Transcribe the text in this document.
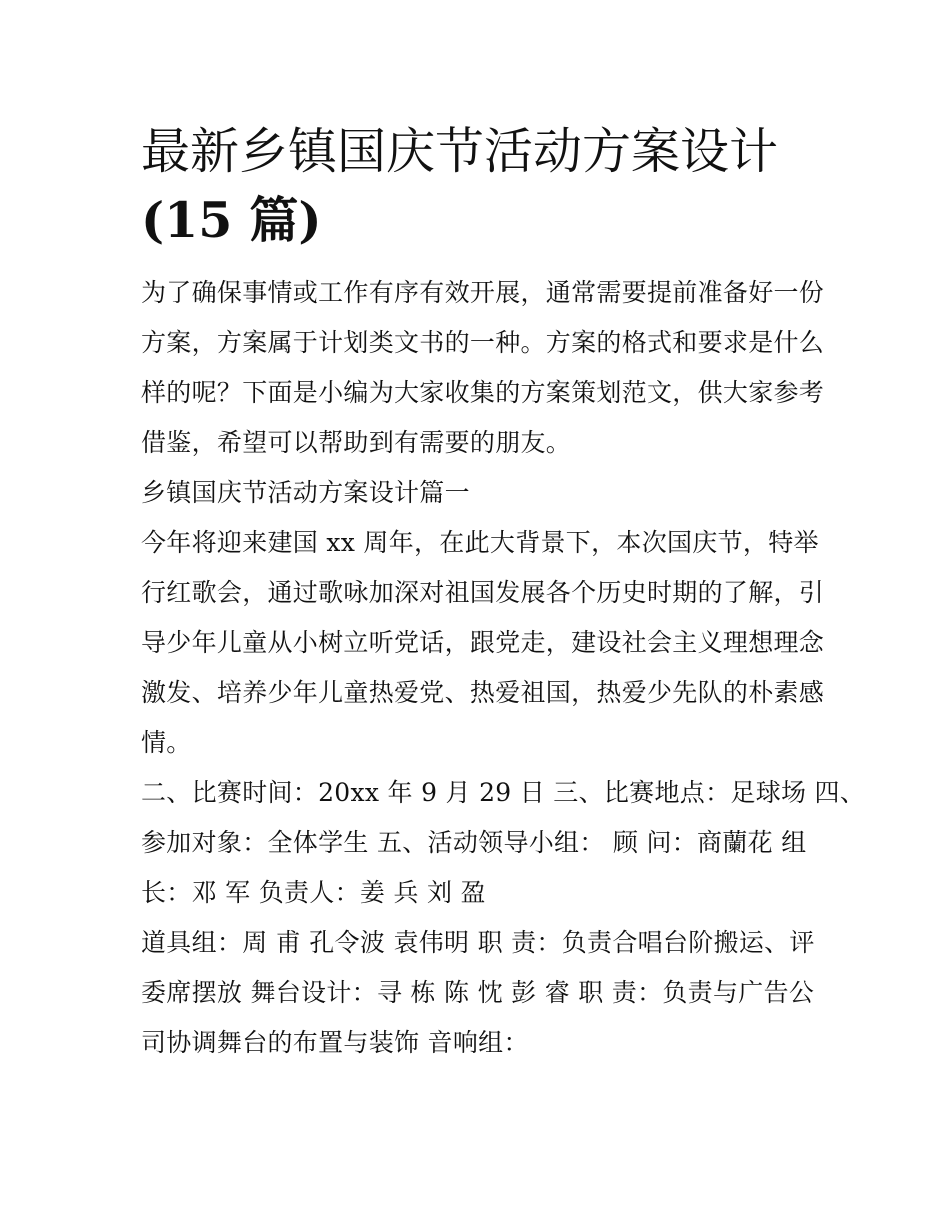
最新乡镇国庆节活动方案设计
(15 篇)

为了确保事情或工作有序有效开展，通常需要提前准备好一份
方案，方案属于计划类文书的一种。方案的格式和要求是什么
样的呢？下面是小编为大家收集的方案策划范文，供大家参考
借鉴，希望可以帮助到有需要的朋友。

乡镇国庆节活动方案设计篇一

今年将迎来建国 xx 周年，在此大背景下，本次国庆节，特举
行红歌会，通过歌咏加深对祖国发展各个历史时期的了解，引
导少年儿童从小树立听党话，跟党走，建设社会主义理想理念
激发、培养少年儿童热爱党、热爱祖国，热爱少先队的朴素感
情。

二、比赛时间：20xx 年 9 月 29 日 三、比赛地点：足球场 四、
参加对象：全体学生 五、活动领导小组： 顾 问：商蘭花 组
长：邓 军 负责人：姜 兵 刘 盈

道具组：周 甫 孔令波 袁伟明 职 责：负责合唱台阶搬运、评
委席摆放 舞台设计：寻 栋 陈 忱 彭 睿 职 责：负责与广告公
司协调舞台的布置与装饰 音响组：
